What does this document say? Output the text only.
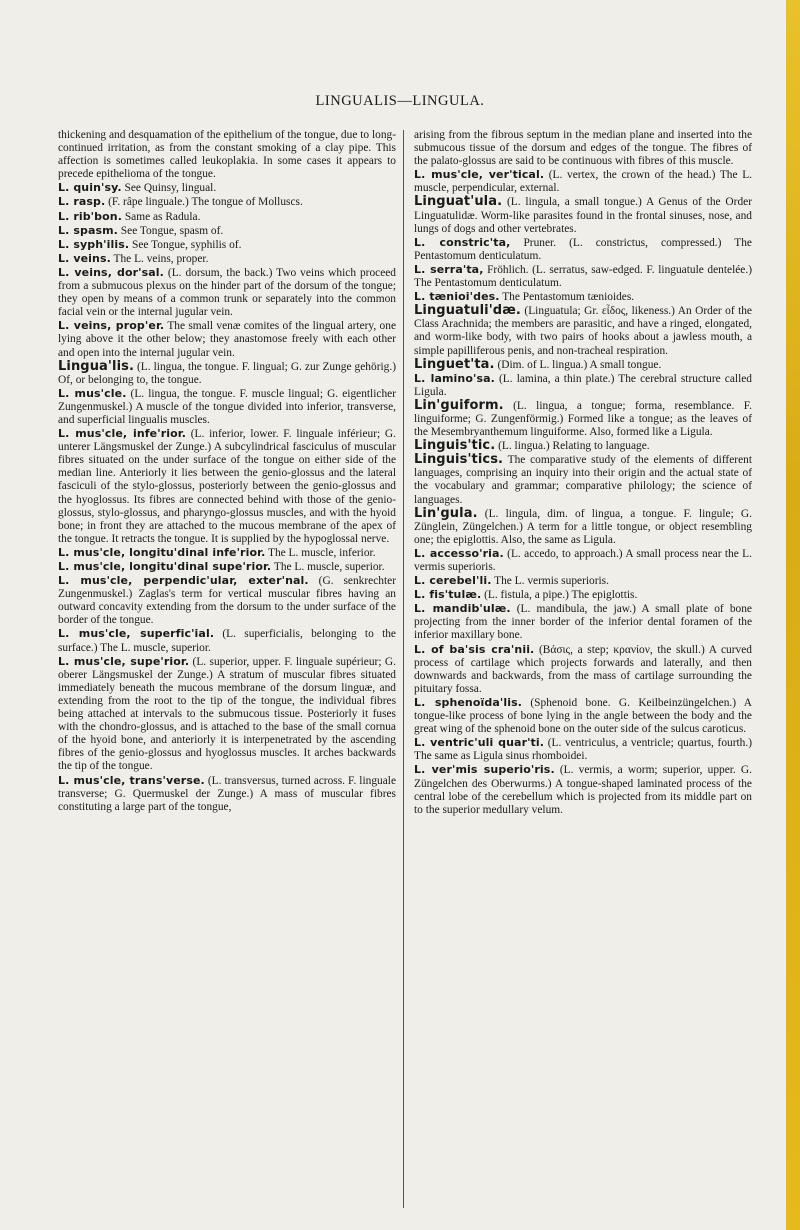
LINGUALIS—LINGULA.

thickening and desquamation of the epithelium of the tongue, due to long-continued irritation, as from the constant smoking of a clay pipe. This affection is sometimes called leukoplakia. In some cases it appears to precede epithelioma of the tongue.

L. quin'sy. See Quinsy, lingual.

L. rasp. (F. râpe linguale.) The tongue of Molluscs.

L. rib'bon. Same as Radula.

L. spasm. See Tongue, spasm of.

L. syph'ilis. See Tongue, syphilis of.

L. veins. The L. veins, proper.

L. veins, dor'sal. (L. dorsum, the back.) Two veins which proceed from a submucous plexus on the hinder part of the dorsum of the tongue; they open by means of a common trunk or separately into the common facial vein or the internal jugular vein.

L. veins, prop'er. The small venæ comites of the lingual artery, one lying above it the other below; they anastomose freely with each other and open into the internal jugular vein.

Lingua'lis. (L. lingua, the tongue. F. lingual; G. zur Zunge gehörig.) Of, or belonging to, the tongue.

L. mus'cle. (L. lingua, the tongue. F. muscle lingual; G. eigentlicher Zungenmuskel.) A muscle of the tongue divided into inferior, transverse, and superficial lingualis muscles.

L. mus'cle, infe'rior. (L. inferior, lower. F. linguale inférieur; G. unterer Längsmuskel der Zunge.) A subcylindrical fasciculus of muscular fibres situated on the under surface of the tongue on either side of the median line. Anteriorly it lies between the genio-glossus and the lateral fasciculi of the stylo-glossus, posteriorly between the genio-glossus and the hyoglossus. Its fibres are connected behind with those of the genio-glossus, stylo-glossus, and pharyngo-glossus muscles, and with the hyoid bone; in front they are attached to the mucous membrane of the apex of the tongue. It retracts the tongue. It is supplied by the hypoglossal nerve.

L. mus'cle, longitu'dinal infe'rior. The L. muscle, inferior.

L. mus'cle, longitu'dinal supe'rior. The L. muscle, superior.

L. mus'cle, perpendic'ular, exter'nal. (G. senkrechter Zungenmuskel.) Zaglas's term for vertical muscular fibres having an outward concavity extending from the dorsum to the under surface of the border of the tongue.

L. mus'cle, superfic'ial. (L. superficialis, belonging to the surface.) The L. muscle, superior.

L. mus'cle, supe'rior. (L. superior, upper. F. linguale supérieur; G. oberer Längsmuskel der Zunge.) A stratum of muscular fibres situated immediately beneath the mucous membrane of the dorsum linguæ, and extending from the root to the tip of the tongue, the individual fibres being attached at intervals to the submucous tissue. Posteriorly it fuses with the chondro-glossus, and is attached to the base of the small cornua of the hyoid bone, and anteriorly it is interpenetrated by the ascending fibres of the genio-glossus and hyoglossus muscles. It arches backwards the tip of the tongue.

L. mus'cle, trans'verse. (L. transversus, turned across. F. linguale transverse; G. Quermuskel der Zunge.) A mass of muscular fibres constituting a large part of the tongue,

arising from the fibrous septum in the median plane and inserted into the submucous tissue of the dorsum and edges of the tongue. The fibres of the palato-glossus are said to be continuous with fibres of this muscle.

L. mus'cle, ver'tical. (L. vertex, the crown of the head.) The L. muscle, perpendicular, external.

Linguat'ula. (L. lingula, a small tongue.) A Genus of the Order Linguatulidæ. Worm-like parasites found in the frontal sinuses, nose, and lungs of dogs and other vertebrates.

L. constric'ta, Pruner. (L. constrictus, compressed.) The Pentastomum denticulatum.

L. serra'ta, Fröhlich. (L. serratus, saw-edged. F. linguatule dentelée.) The Pentastomum denticulatum.

L. tænioi'des. The Pentastomum tænioides.

Linguatuli'dæ. (Linguatula; Gr. εἶδος, likeness.) An Order of the Class Arachnida; the members are parasitic, and have a ringed, elongated, and worm-like body, with two pairs of hooks about a jawless mouth, a simple papilliferous penis, and non-tracheal respiration.

Linguet'ta. (Dim. of L. lingua.) A small tongue.

L. lamino'sa. (L. lamina, a thin plate.) The cerebral structure called Ligula.

Lin'guiform. (L. lingua, a tongue; forma, resemblance. F. linguiforme; G. Zungenförmig.) Formed like a tongue; as the leaves of the Mesembryanthemum linguiforme. Also, formed like a Ligula.

Linguis'tic. (L. lingua.) Relating to language.

Linguis'tics. The comparative study of the elements of different languages, comprising an inquiry into their origin and the actual state of the vocabulary and grammar; comparative philology; the science of languages.

Lin'gula. (L. lingula, dim. of lingua, a tongue. F. lingule; G. Zünglein, Züngelchen.) A term for a little tongue, or object resembling one; the epiglottis. Also, the same as Ligula.

L. accesso'ria. (L. accedo, to approach.) A small process near the L. vermis superioris.

L. cerebel'li. The L. vermis superioris.

L. fis'tulæ. (L. fistula, a pipe.) The epiglottis.

L. mandib'ulæ. (L. mandibula, the jaw.) A small plate of bone projecting from the inner border of the inferior dental foramen of the inferior maxillary bone.

L. of ba'sis cra'nii. (Βάσις, a step; κρανίον, the skull.) A curved process of cartilage which projects forwards and laterally, and then downwards and backwards, from the mass of cartilage surrounding the pituitary fossa.

L. sphenoïda'lis. (Sphenoid bone. G. Keilbeinzüngelchen.) A tongue-like process of bone lying in the angle between the body and the great wing of the sphenoid bone on the outer side of the sulcus caroticus.

L. ventric'uli quar'ti. (L. ventriculus, a ventricle; quartus, fourth.) The same as Ligula sinus rhomboidei.

L. ver'mis superio'ris. (L. vermis, a worm; superior, upper. G. Züngelchen des Oberwurms.) A tongue-shaped laminated process of the central lobe of the cerebellum which is projected from its middle part on to the superior medullary velum.
